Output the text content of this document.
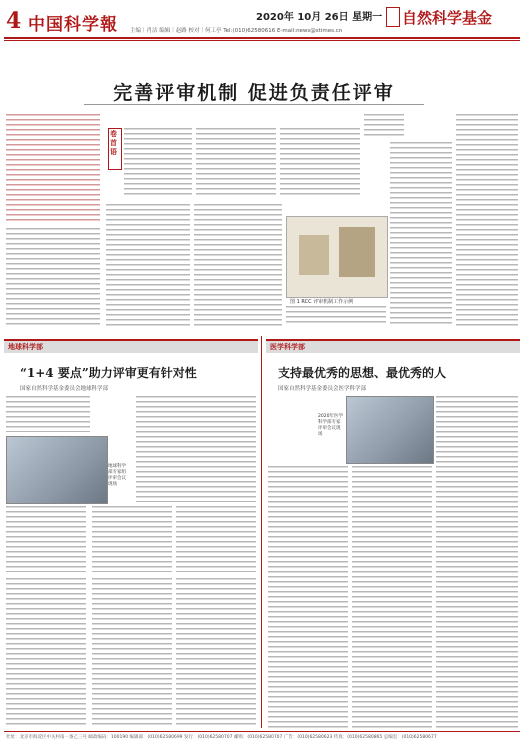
4 中国科学報	2020年 10月 26日 星期一
主编｜肖洁 编辑｜赵路 校对｜何工亭 Tel:(010)62580616 E-mail:news@stimes.cn
自然科学基金
完善评审机制 促进负责任评审
卷首语
图 1 RCC 评审机制工作示例
地球科学部
“1+4 要点”助力评审更有针对性
国家自然科学基金委员会地球科学部
地球科学部专家组评审会议现场
医学科学部
支持最优秀的思想、最优秀的人
国家自然科学基金委员会医学科学部
2020年医学科学部专家评审会议现场
社址：北京市海淀区中关村南一条乙三号 邮政编码：100190 编辑部：(010)62580699 发行：(010)62580707 邮购：(010)62580707 广告：(010)62580623 传真：(010)62580865 总编室：(010)62580677
